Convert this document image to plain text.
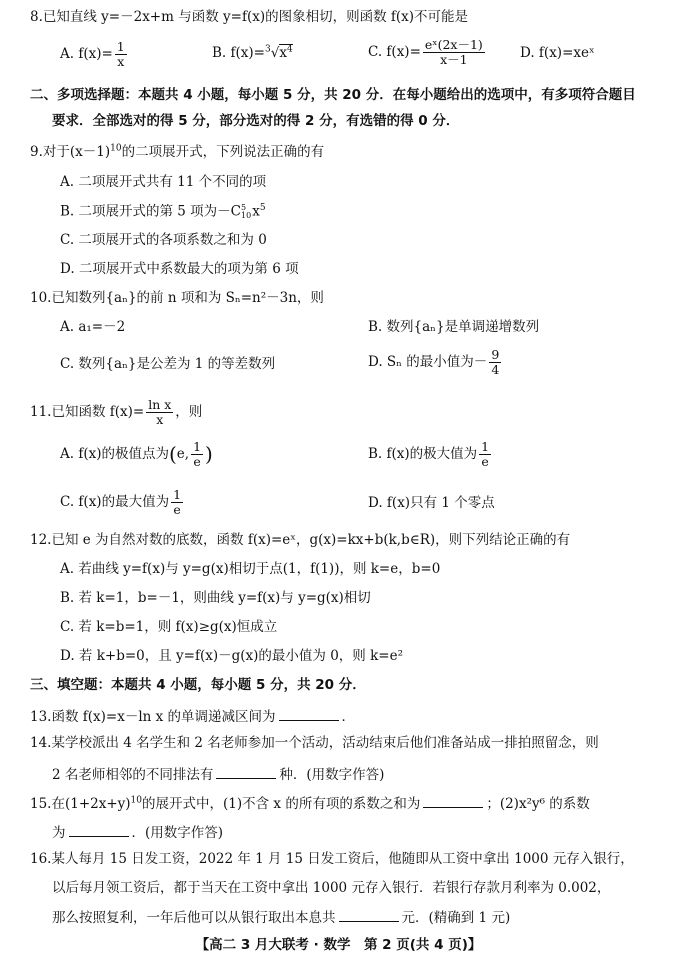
8.已知直线 y=－2x+m 与函数 y=f(x)的图象相切，则函数 f(x)不可能是
A. $f(x)= \frac{1}{x}$	B. $f(x)=^3√x^4$	C. $f(x)= \frac{\text{eˣ(2x－1)}}{x-1}$	D. f(x)=xeˣ
二、多项选择题：本题共 4 小题，每小题 5 分，共 20 分．在每小题给出的选项中，有多项符合题目
要求．全部选对的得 5 分，部分选对的得 2 分，有选错的得 0 分．
9.对于$(x-1)^{10}$的二项展开式，下列说法正确的有
A. 二项展开式共有 11 个不同的项
B. 二项展开式的第 5 项为－C 5
10 $x^5$
C. 二项展开式的各项系数之和为 0
D. 二项展开式中系数最大的项为第 6 项
10.已知数列{aₙ}的前 n 项和为 Sₙ=n²－3n，则
A. a₁=－2	B. 数列{aₙ}是单调递增数列
C. 数列{aₙ}是公差为 1 的等差数列	D. Sₙ 的最小值为－ $\frac{9}{4}$
11.已知函数 $f(x)= \frac{\text{ln x}}{x}$ ，则
A. f(x)的极值点为(e, $\frac{1}{e}$ )	B. f(x)的极大值为 $\frac{1}{e}$
C. f(x)的最大值为 $\frac{1}{e}$	D. f(x)只有 1 个零点
12.已知 e 为自然对数的底数，函数 f(x)=eˣ，g(x)=kx+b(k,b∈R)，则下列结论正确的有
A. 若曲线 y=f(x)与 y=g(x)相切于点(1，f(1))，则 k=e，b=0
B. 若 k=1，b=－1，则曲线 y=f(x)与 y=g(x)相切
C. 若 k=b=1，则 f(x)≥g(x)恒成立
D. 若 k+b=0，且 y=f(x)－g(x)的最小值为 0，则 k=e²
三、填空题：本题共 4 小题，每小题 5 分，共 20 分．
13.函数 f(x)=x－ln x 的单调递减区间为	．
14.某学校派出 4 名学生和 2 名老师参加一个活动，活动结束后他们准备站成一排拍照留念，则
2 名老师相邻的不同排法有	种．(用数字作答)
15.在$(1+2x+y)^{10}$的展开式中，(1)不含 x 的所有项的系数之和为	；(2)x²y⁶ 的系数
为	．(用数字作答)
16.某人每月 15 日发工资，2022 年 1 月 15 日发工资后，他随即从工资中拿出 1000 元存入银行，
以后每月领工资后，都于当天在工资中拿出 1000 元存入银行．若银行存款月利率为 0.002，
那么按照复利，一年后他可以从银行取出本息共	元．(精确到 1 元)
【高二 3 月大联考 · 数学　第 2 页(共 4 页)】
